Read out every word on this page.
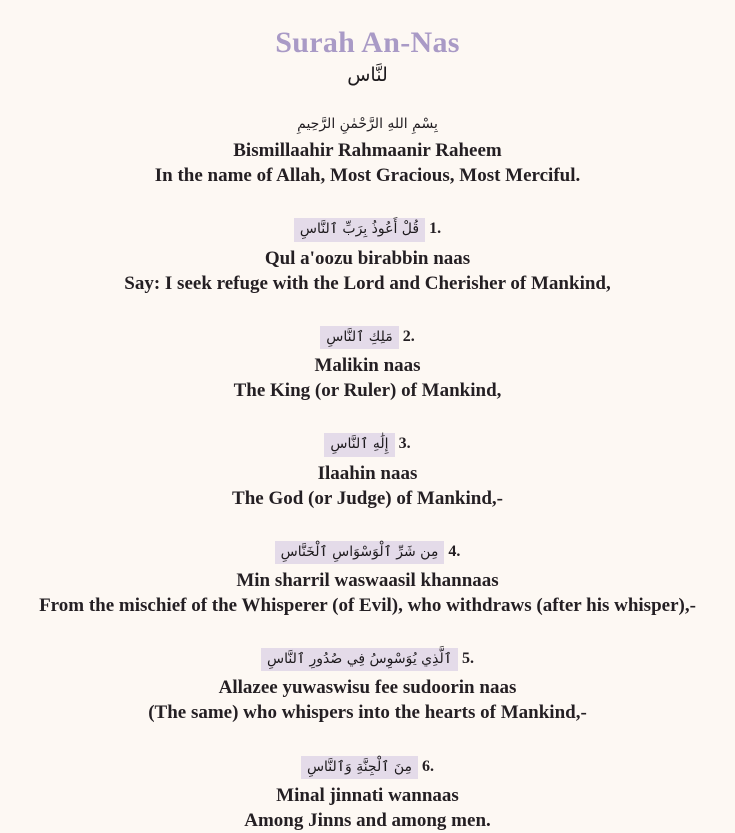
Surah An-Nas
لنَّاس
بِسْمِ اللهِ الرَّحْمٰنِ الرَّحِيمِ
Bismillaahir Rahmaanir Raheem
In the name of Allah, Most Gracious, Most Merciful.
قُلْ أَعُوذُ بِرَبِّ ٱلنَّاسِ 1.
Qul a'oozu birabbin naas
Say: I seek refuge with the Lord and Cherisher of Mankind,
مَلِكِ ٱلنَّاسِ 2.
Malikin naas
The King (or Ruler) of Mankind,
إِلَٰهِ ٱلنَّاسِ 3.
Ilaahin naas
The God (or Judge) of Mankind,-
مِن شَرِّ ٱلْوَسْوَاسِ ٱلْخَنَّاسِ 4.
Min sharril waswaasil khannaas
From the mischief of the Whisperer (of Evil), who withdraws (after his whisper),-
ٱلَّذِي يُوَسْوِسُ فِي صُدُورِ ٱلنَّاسِ 5.
Allazee yuwaswisu fee sudoorin naas
(The same) who whispers into the hearts of Mankind,-
مِنَ ٱلْجِنَّةِ وَٱلنَّاسِ 6.
Minal jinnati wannaas
Among Jinns and among men.
